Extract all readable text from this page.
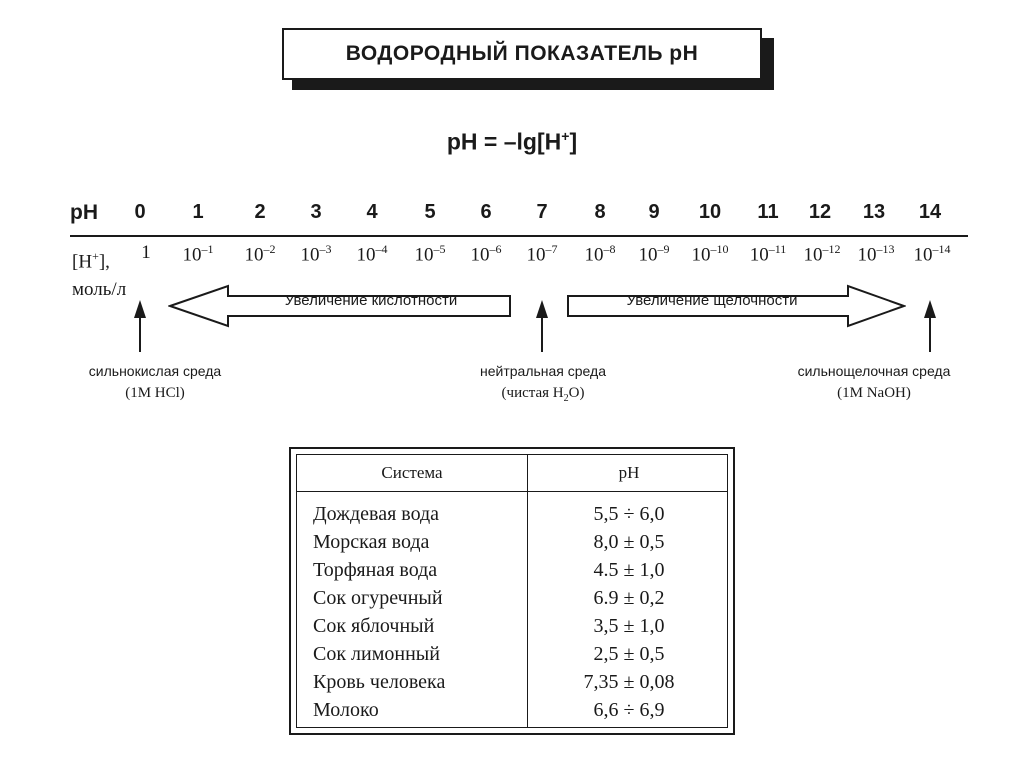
ВОДОРОДНЫЙ ПОКАЗАТЕЛЬ pH
pH = –lg[H+]
pH	0	1	2	3	4	5	6	7	8	9	10	11	12	13	14
[H+],
моль/л
1	$10^{-1}$	$10^{-2}$	$10^{-3}$	$10^{-4}$	$10^{-5}$	$10^{-6}$	$10^{-7}$	$10^{-8}$	$10^{-9}$	$10^{-10}$	$10^{-11}$ $10^{-12}$ $10^{-13}$	$10^{-14}$
Увеличение кислотности	Увеличение щелочности
сильнокислая среда
(1М HCl)
нейтральная среда
(чистая $H_2O$)
сильнощелочная среда
(1М NaOH)
Система	pH
Дождевая вода	5,5 ÷ 6,0
Морская вода	8,0 ± 0,5
Торфяная вода	4.5 ± 1,0
Сок огуречный	6.9 ± 0,2
Сок яблочный	3,5 ± 1,0
Сок лимонный	2,5 ± 0,5
Кровь человека	7,35 ± 0,08
Молоко	6,6 ÷ 6,9
